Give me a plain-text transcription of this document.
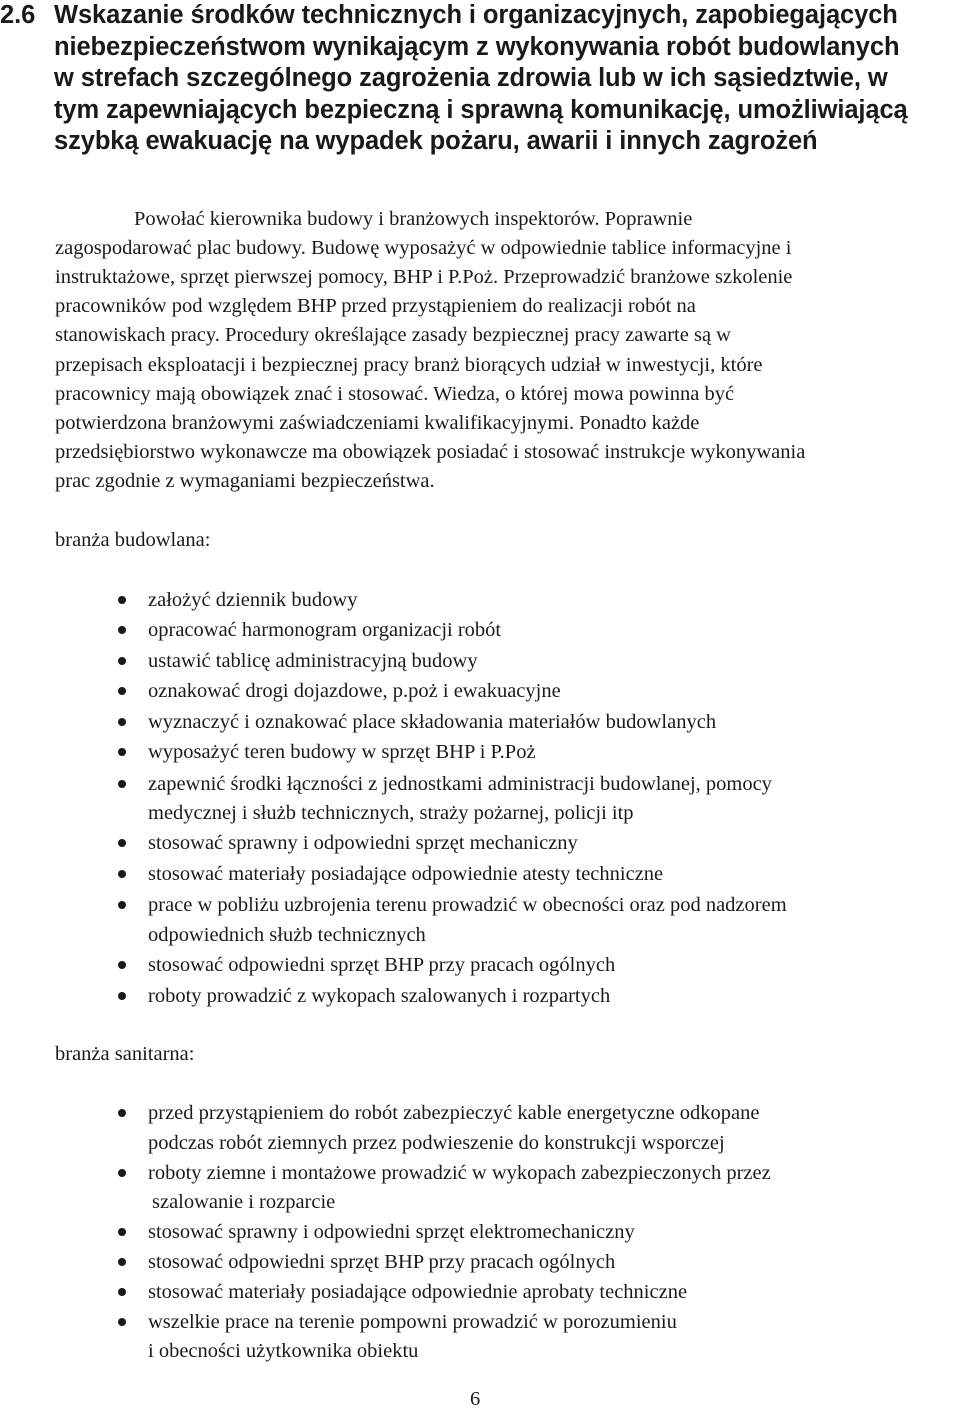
2.6 Wskazanie środków technicznych i organizacyjnych, zapobiegających
niebezpieczeństwom wynikającym z wykonywania robót budowlanych
w strefach szczególnego zagrożenia zdrowia lub w ich sąsiedztwie, w
tym zapewniających bezpieczną i sprawną komunikację, umożliwiającą
szybką ewakuację na wypadek pożaru, awarii i innych zagrożeń
Powołać kierownika budowy i branżowych inspektorów. Poprawnie
zagospodarować plac budowy. Budowę wyposażyć w odpowiednie tablice informacyjne i
instruktażowe, sprzęt pierwszej pomocy, BHP i P.Poż. Przeprowadzić branżowe szkolenie
pracowników pod względem BHP przed przystąpieniem do realizacji robót na
stanowiskach pracy. Procedury określające zasady bezpiecznej pracy zawarte są w
przepisach eksploatacji i bezpiecznej pracy branż biorących udział w inwestycji, które
pracownicy mają obowiązek znać i stosować. Wiedza, o której mowa powinna być
potwierdzona branżowymi zaświadczeniami kwalifikacyjnymi. Ponadto każde
przedsiębiorstwo wykonawcze ma obowiązek posiadać i stosować instrukcje wykonywania
prac zgodnie z wymaganiami bezpieczeństwa.
branża budowlana:
założyć dziennik budowy
opracować harmonogram organizacji robót
ustawić tablicę administracyjną budowy
oznakować drogi dojazdowe, p.poż i ewakuacyjne
wyznaczyć i oznakować place składowania materiałów budowlanych
wyposażyć teren budowy w sprzęt BHP i P.Poż
zapewnić środki łączności z jednostkami administracji budowlanej, pomocy
medycznej i służb technicznych, straży pożarnej, policji itp
stosować sprawny i odpowiedni sprzęt mechaniczny
stosować materiały posiadające odpowiednie atesty techniczne
prace w pobliżu uzbrojenia terenu prowadzić w obecności oraz pod nadzorem
odpowiednich służb technicznych
stosować odpowiedni sprzęt BHP przy pracach ogólnych
roboty prowadzić z wykopach szalowanych i rozpartych
branża sanitarna:
przed przystąpieniem do robót zabezpieczyć kable energetyczne odkopane
podczas robót ziemnych przez podwieszenie do konstrukcji wsporczej
roboty ziemne i montażowe prowadzić w wykopach zabezpieczonych przez
szalowanie i rozparcie
stosować sprawny i odpowiedni sprzęt elektromechaniczny
stosować odpowiedni sprzęt BHP przy pracach ogólnych
stosować materiały posiadające odpowiednie aprobaty techniczne
wszelkie prace na terenie pompowni prowadzić w porozumieniu
i obecności użytkownika obiektu
6
